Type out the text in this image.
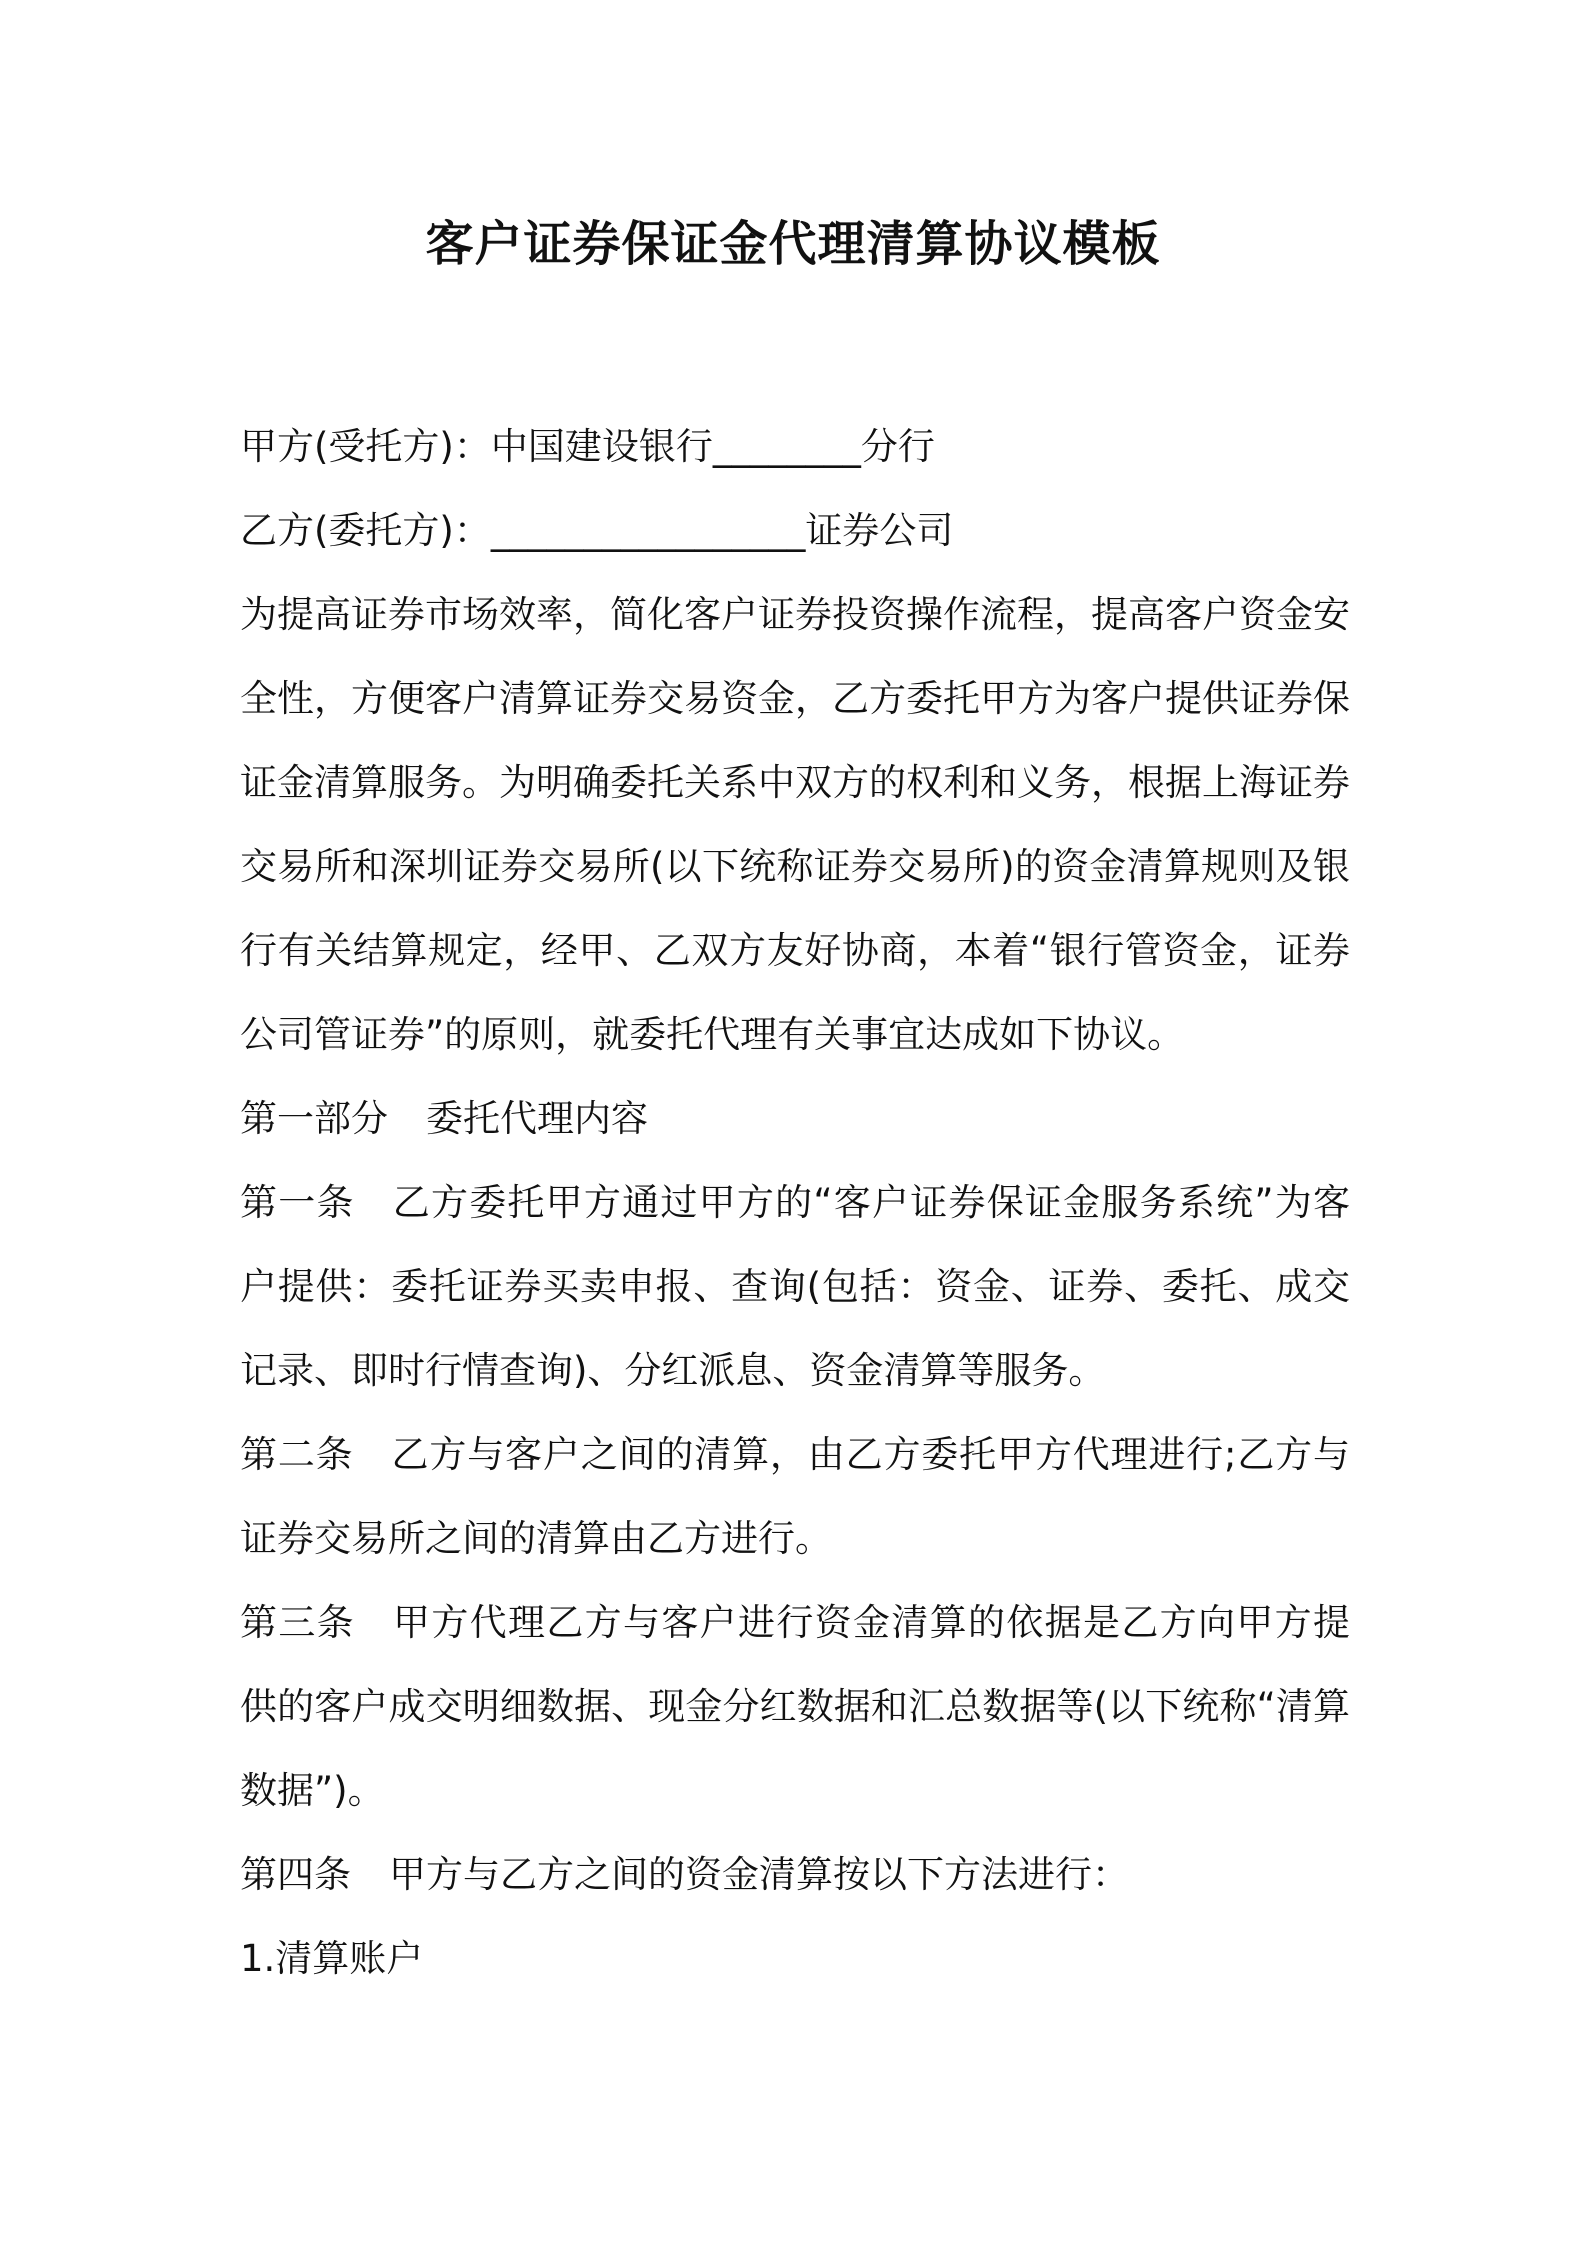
客户证券保证金代理清算协议模板

甲方(受托方)：中国建设银行________分行

乙方(委托方)：_________________证券公司

为提高证券市场效率，简化客户证券投资操作流程，提高客户资金安全性，方便客户清算证券交易资金，乙方委托甲方为客户提供证券保证金清算服务。为明确委托关系中双方的权利和义务，根据上海证券交易所和深圳证券交易所(以下统称证券交易所)的资金清算规则及银行有关结算规定，经甲、乙双方友好协商，本着“银行管资金，证券公司管证券”的原则，就委托代理有关事宜达成如下协议。

第一部分 委托代理内容

第一条 乙方委托甲方通过甲方的“客户证券保证金服务系统”为客户提供：委托证券买卖申报、查询(包括：资金、证券、委托、成交记录、即时行情查询)、分红派息、资金清算等服务。

第二条 乙方与客户之间的清算，由乙方委托甲方代理进行;乙方与证券交易所之间的清算由乙方进行。

第三条 甲方代理乙方与客户进行资金清算的依据是乙方向甲方提供的客户成交明细数据、现金分红数据和汇总数据等(以下统称“清算数据”)。

第四条 甲方与乙方之间的资金清算按以下方法进行：

1.清算账户
